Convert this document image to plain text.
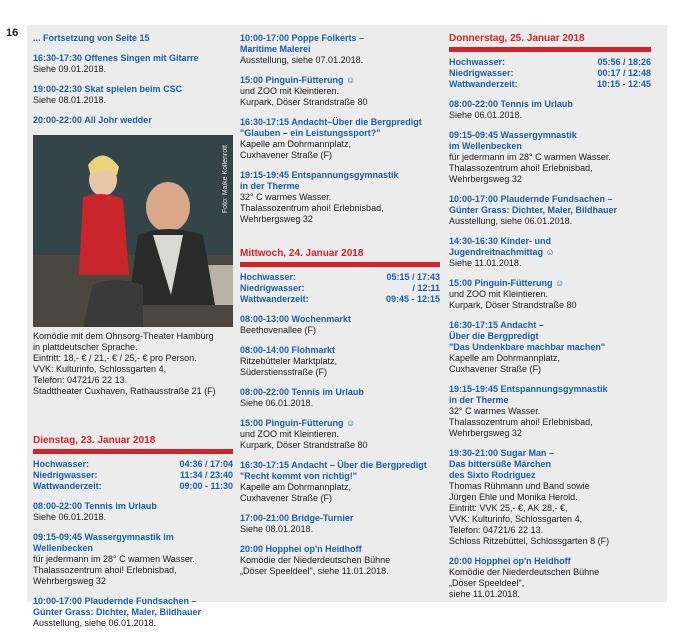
16 ... Fortsetzung von Seite 15
16:30-17:30 Offenes Singen mit Gitarre
Siehe 09.01.2018.
19:00-22:30 Skat spielen beim CSC
Siehe 08.01.2018.
20:00-22:00 All Johr wedder
Foto: Maike Kollenrott
Komödie mit dem Ohnsorg-Theater Hamburg
in plattdeutscher Sprache.
Eintritt: 18,- € / 21,- € / 25,- € pro Person.
VVK: Kulturinfo, Schlossgarten 4,
Telefon: 04721/6 22 13.
Stadttheater Cuxhaven, Rathausstraße 21 (F)
Dienstag, 23. Januar 2018
Hochwasser:	04:36 / 17:04
Niedrigwasser:	11:34 / 23:40
Wattwanderzeit:	09:00 - 11:30
08:00-22:00 Tennis im Urlaub
Siehe 06.01.2018.
09:15-09:45 Wassergymnastik im Wellenbecken
für jedermann im 28° C warmen Wasser.
Thalassozentrum ahoi! Erlebnisbad,
Wehrbergsweg 32
10:00-17:00 Plaudernde Fundsachen –
Günter Grass: Dichter, Maler, Bildhauer
Ausstellung, siehe 06.01.2018.
10:00-17:00 Poppe Folkerts –
Maritime Malerei
Ausstellung, siehe 07.01.2018.
15:00 Pinguin-Fütterung ☺
und ZOO mit Kleintieren.
Kurpark, Döser Strandstraße 80
16:30-17:15 Andacht–Über die Bergpredigt
"Glauben – ein Leistungssport?"
Kapelle am Dohrmannplatz,
Cuxhavener Straße (F)
19:15-19:45 Entspannungsgymnastik
in der Therme
32° C warmes Wasser.
Thalassozentrum ahoi! Erlebnisbad,
Wehrbergsweg 32
Mittwoch, 24. Januar 2018
Hochwasser:	05:15 / 17:43
Niedrigwasser:	/ 12:11
Wattwanderzeit:	09:45 - 12:15
08:00-13:00 Wochenmarkt
Beethovenallee (F)
08:00-14:00 Flohmarkt
Ritzebütteler Marktplatz,
Süderstiensstraße (F)
08:00-22:00 Tennis im Urlaub
Siehe 06.01.2018.
15:00 Pinguin-Fütterung ☺
und ZOO mit Kleintieren.
Kurpark, Döser Strandstraße 80
16:30-17:15 Andacht – Über die Bergpredigt
"Recht kommt von richtig!"
Kapelle am Dohrmannplatz,
Cuxhavener Straße (F)
17:00-21:00 Bridge-Turnier
Siehe 08.01.2018.
20:00 Hopphei op'n Heidhoff
Komödie der Niederdeutschen Bühne
„Döser Speeldeel", siehe 11.01.2018.
Donnerstag, 25. Januar 2018
Hochwasser:	05:56 / 18:26
Niedrigwasser:	00:17 / 12:48
Wattwanderzeit:	10:15 - 12:45
08:00-22:00 Tennis im Urlaub
Siehe 06.01.2018.
09:15-09:45 Wassergymnastik
im Wellenbecken
für jedermann im 28° C warmen Wasser.
Thalassozentrum ahoi! Erlebnisbad,
Wehrbergsweg 32
10:00-17:00 Plaudernde Fundsachen –
Günter Grass: Dichter, Maler, Bildhauer
Ausstellung, siehe 06.01.2018.
14:30-16:30 Kinder- und
Jugendreitnachmittag ☺
Siehe 11.01.2018.
15:00 Pinguin-Fütterung ☺
und ZOO mit Kleintieren.
Kurpark, Döser Strandstraße 80
16:30-17:15 Andacht –
Über die Bergpredigt
"Das Undenkbare machbar machen"
Kapelle am Dohrmannplatz,
Cuxhavener Straße (F)
19:15-19:45 Entspannungsgymnastik
in der Therme
32° C warmes Wasser.
Thalassozentrum ahoi! Erlebnisbad,
Wehrbergsweg 32
19:30-21:00 Sugar Man –
Das bittersüße Märchen
des Sixto Rodriguez
Thomas Rühmann und Band sowie
Jürgen Ehle und Monika Herold.
Eintritt: VVK 25,- €, AK 28,- €,
VVK: Kulturinfo, Schlossgarten 4,
Telefon: 04721/6 22 13.
Schloss Ritzebüttel, Schlossgarten 8 (F)
20:00 Hopphei op'n Heidhoff
Komödie der Niederdeutschen Bühne
„Döser Speeldeel",
siehe 11.01.2018.
